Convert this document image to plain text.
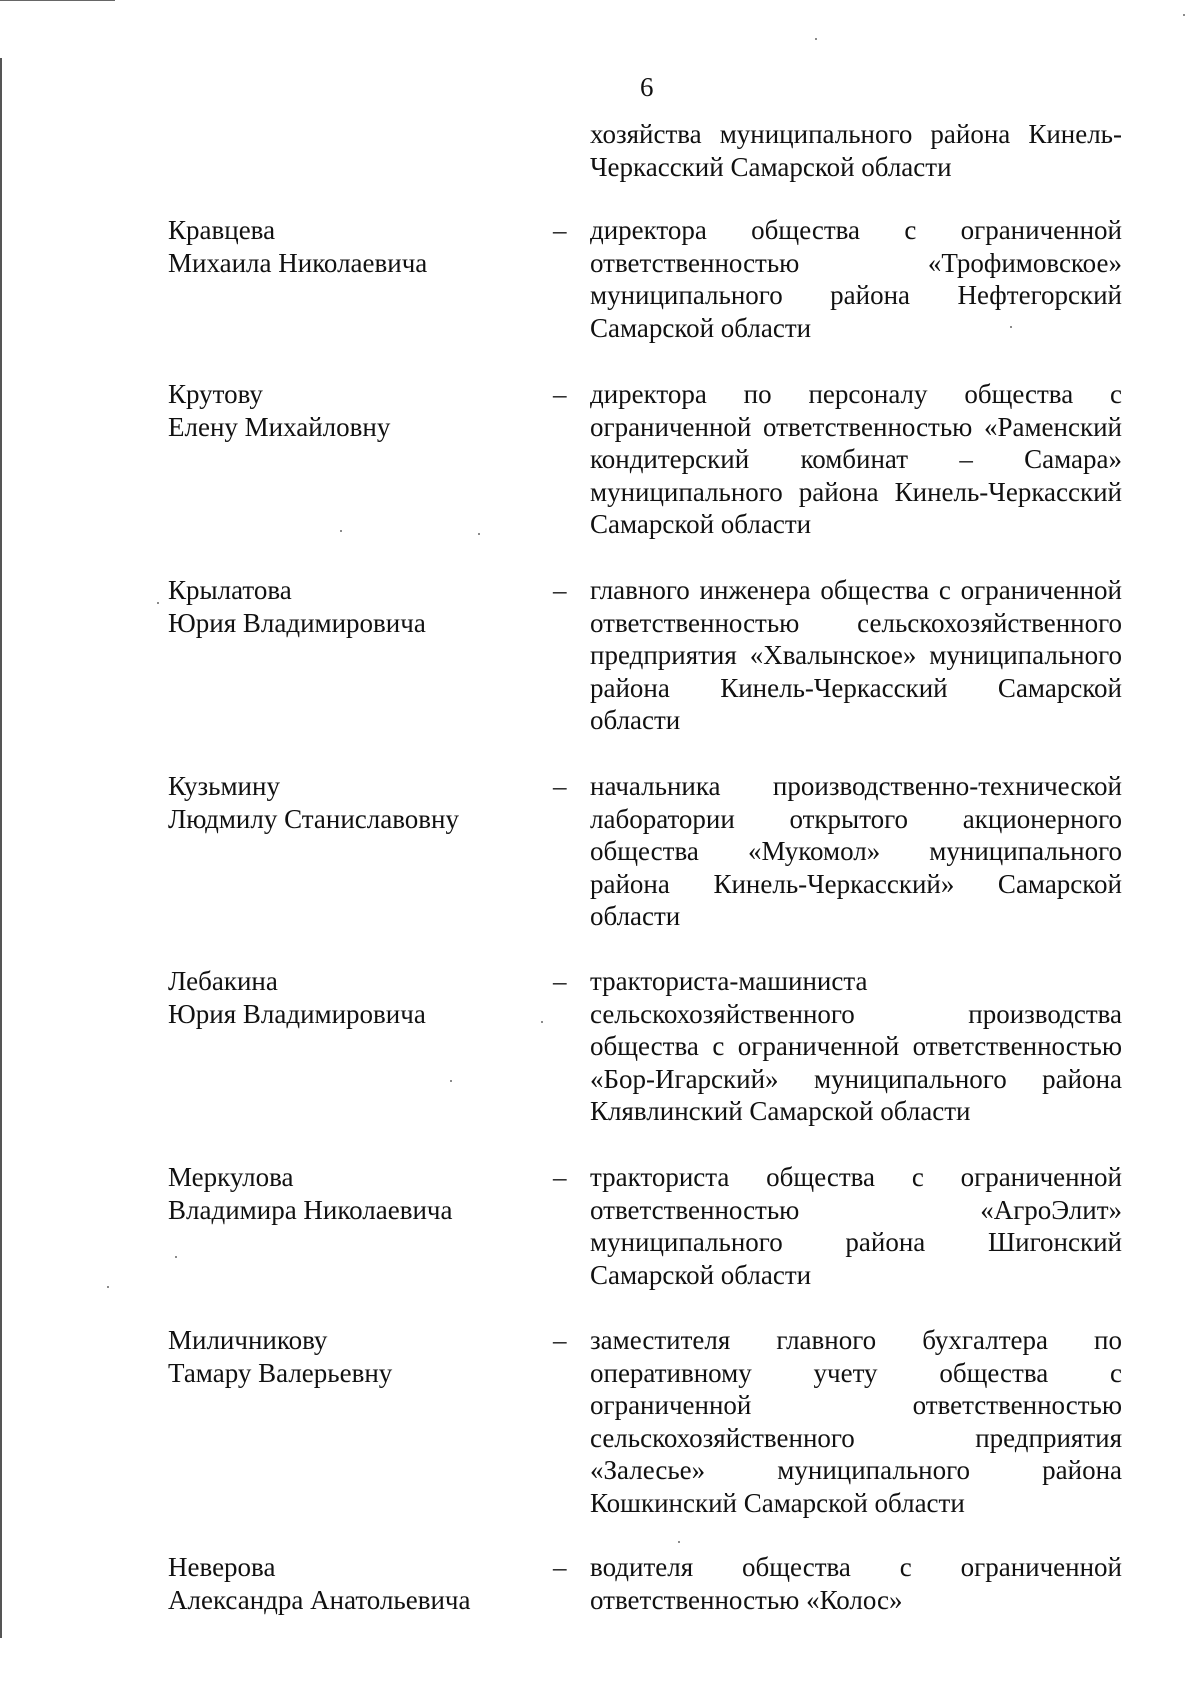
6
хозяйства муниципального района Кинель-Черкасский Самарской области
Кравцева
Михаила Николаевича
– директора общества с ограниченной ответственностью «Трофимовское» муниципального района Нефтегорский Самарской области
Крутову
Елену Михайловну
– директора по персоналу общества с ограниченной ответственностью «Раменский кондитерский комбинат – Самара» муниципального района Кинель-Черкасский Самарской области
Крылатова
Юрия Владимировича
– главного инженера общества с ограниченной ответственностью сельскохозяйственного предприятия «Хвалынское» муниципального района Кинель-Черкасский Самарской области
Кузьмину
Людмилу Станиславовну
– начальника производственно-технической лаборатории открытого акционерного общества «Мукомол» муниципального района Кинель-Черкасский» Самарской области
Лебакина
Юрия Владимировича
– тракториста-машиниста сельскохозяйственного производства общества с ограниченной ответственностью «Бор-Игарский» муниципального района Клявлинский Самарской области
Меркулова
Владимира Николаевича
– тракториста общества с ограниченной ответственностью «АгроЭлит» муниципального района Шигонский Самарской области
Миличникову
Тамару Валерьевну
– заместителя главного бухгалтера по оперативному учету общества с ограниченной ответственностью сельскохозяйственного предприятия «Залесье» муниципального района Кошкинский Самарской области
Неверова
Александра Анатольевича
– водителя общества с ограниченной ответственностью «Колос»
